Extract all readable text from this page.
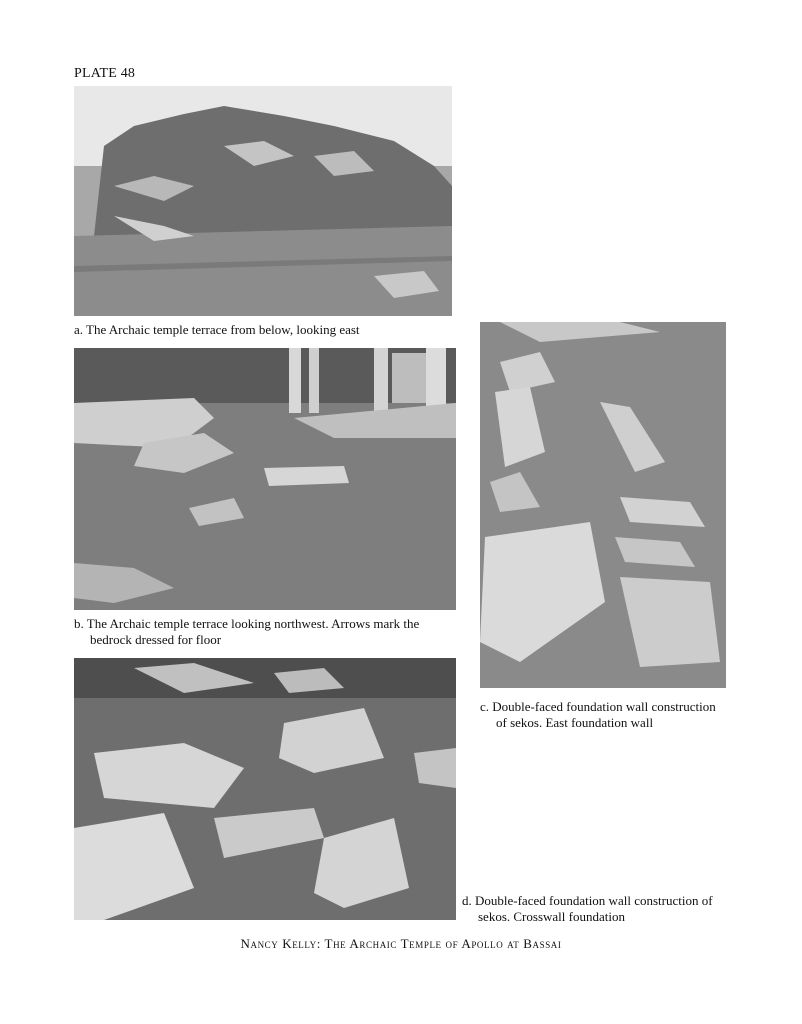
PLATE 48
a. The Archaic temple terrace from below, looking east
b. The Archaic temple terrace looking northwest. Arrows mark the
bedrock dressed for floor
c. Double-faced foundation wall construction
of sekos. East foundation wall
d. Double-faced foundation wall construction of
sekos. Crosswall foundation
Nancy Kelly: The Archaic Temple of Apollo at Bassai
